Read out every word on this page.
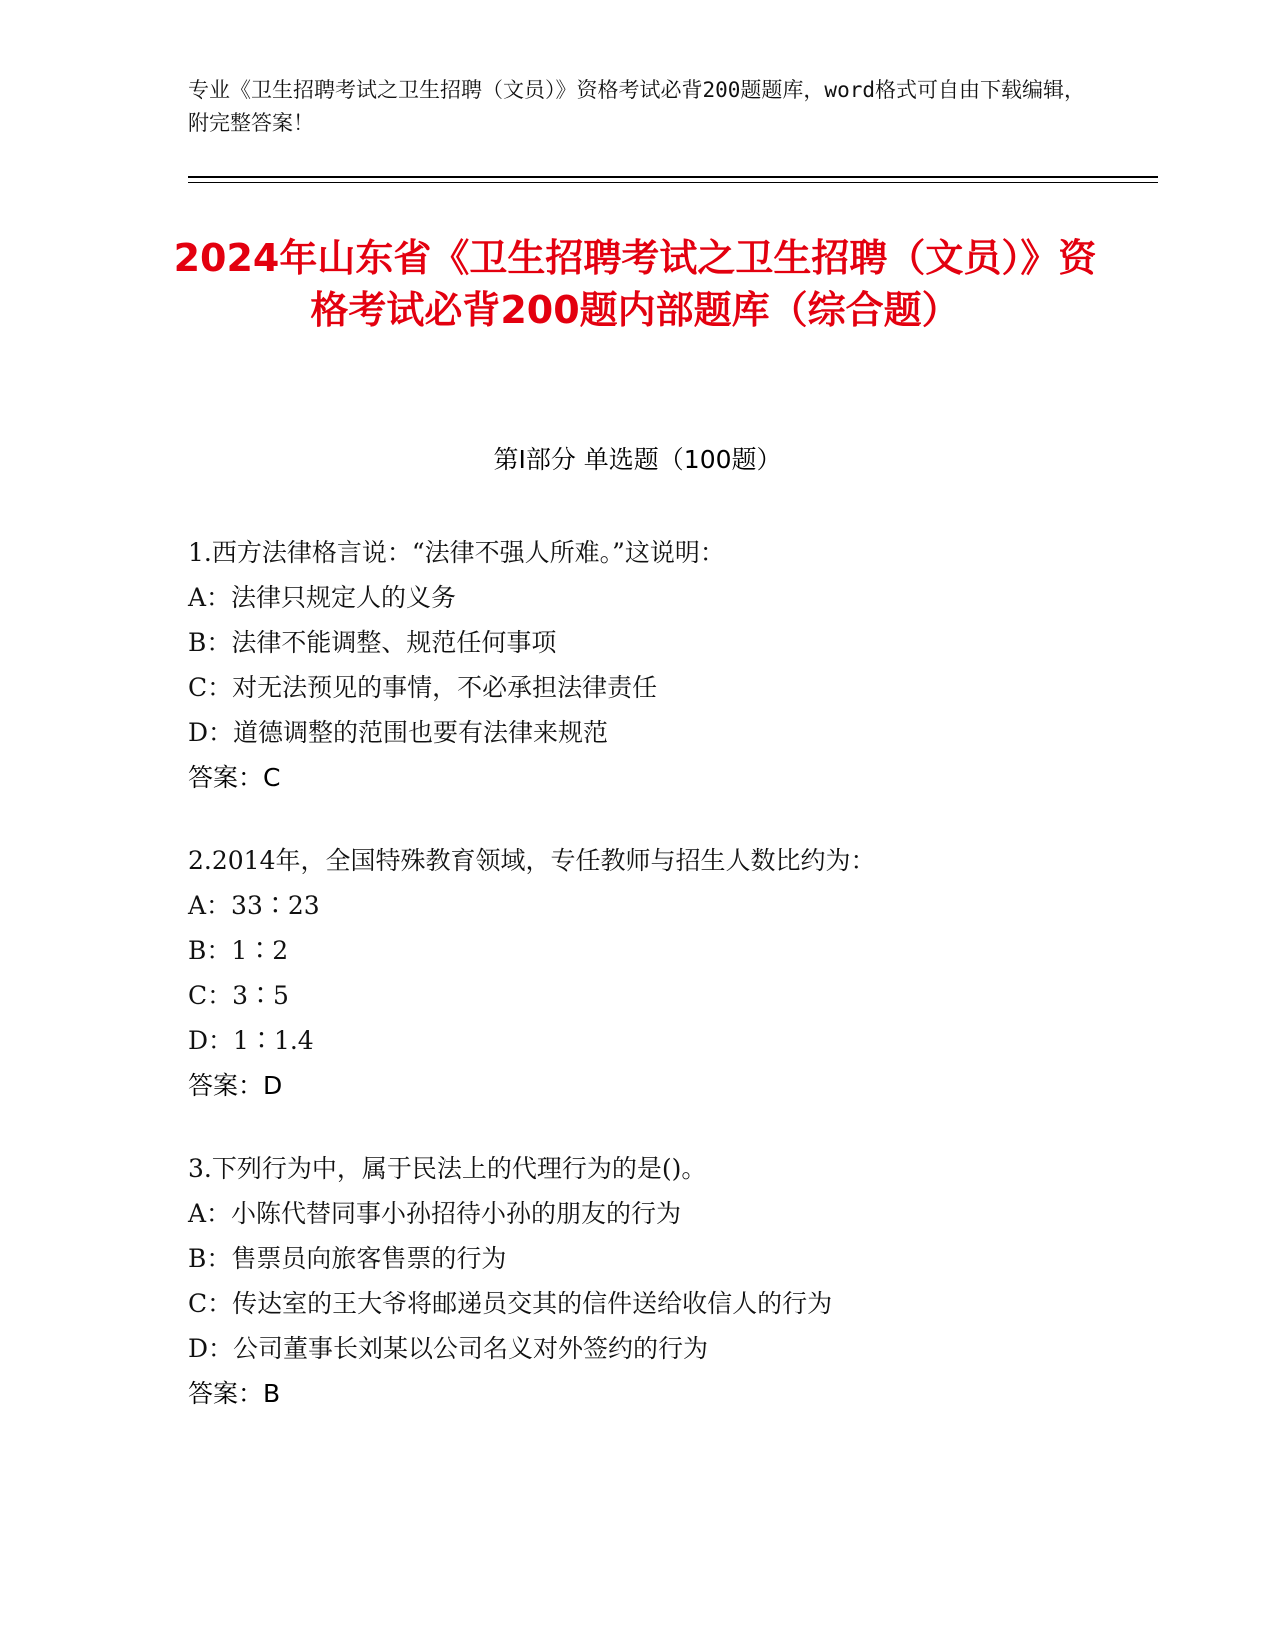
专业《卫生招聘考试之卫生招聘（文员）》资格考试必背200题题库，word格式可自由下载编辑，附完整答案！
2024年山东省《卫生招聘考试之卫生招聘（文员）》资格考试必背200题内部题库（综合题）
第I部分 单选题（100题）
1.西方法律格言说：“法律不强人所难。”这说明：
A：法律只规定人的义务
B：法律不能调整、规范任何事项
C：对无法预见的事情，不必承担法律责任
D：道德调整的范围也要有法律来规范
答案：C
2.2014年，全国特殊教育领域，专任教师与招生人数比约为：
A：33∶23
B：1∶2
C：3∶5
D：1∶1.4
答案：D
3.下列行为中，属于民法上的代理行为的是()。
A：小陈代替同事小孙招待小孙的朋友的行为
B：售票员向旅客售票的行为
C：传达室的王大爷将邮递员交其的信件送给收信人的行为
D：公司董事长刘某以公司名义对外签约的行为
答案：B
